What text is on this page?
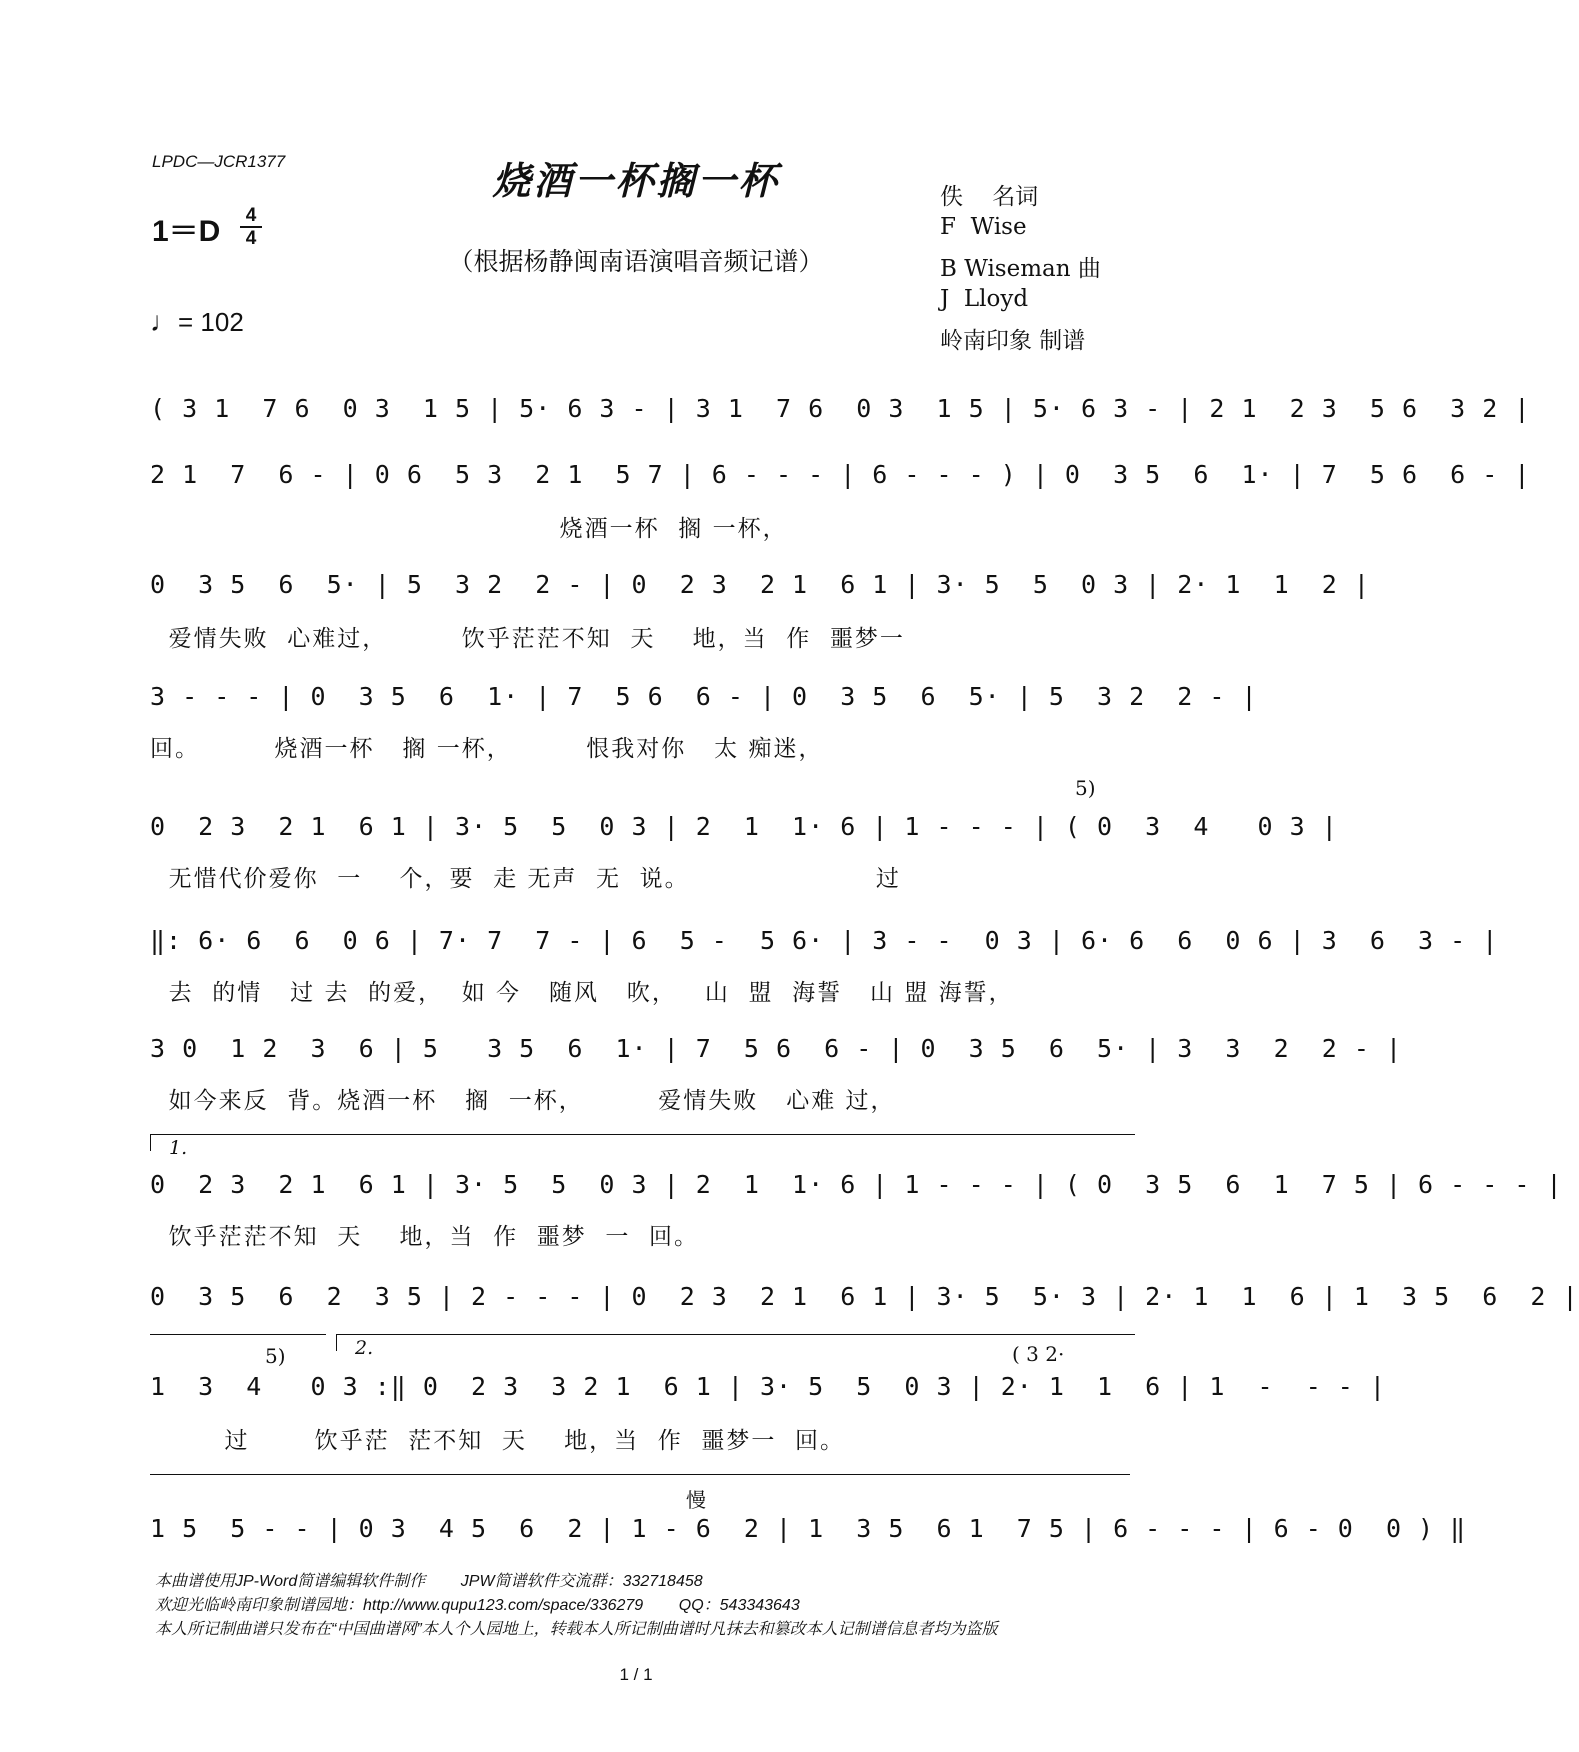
LPDC—JCR1377	烧酒一杯搁一杯
（根据杨静闽南语演唱音频记谱）
1＝D	4
4
♩= 102
佚    名词
F  Wise
B Wiseman 曲
J  Lloyd
岭南印象 制谱
( 3 1  7 6  0 3  1 5 | 5· 6 3 - | 3 1  7 6  0 3  1 5 | 5· 6 3 - | 2 1  2 3  5 6  3 2 |
2 1  7  6 - | 0 6  5 3  2 1  5 7 | 6 - - - | 6 - - - ) | 0  3 5  6  1· | 7  5 6  6 - |
烧酒一杯  搁 一杯，
0  3 5  6  5· | 5  3 2  2 - | 0  2 3  2 1  6 1 | 3· 5  5  0 3 | 2· 1  1  2 |
爱情失败  心难过，        饮乎茫茫不知  天    地，当  作  噩梦一
3 - - - | 0  3 5  6  1· | 7  5 6  6 - | 0  3 5  6  5· | 5  3 2  2 - |
回。        烧酒一杯   搁 一杯，        恨我对你   太 痴迷，
5)
0  2 3  2 1  6 1 | 3· 5  5  0 3 | 2  1  1· 6 | 1 - - - | ( 0  3  4   0 3 |
无惜代价爱你  一    个，要  走 无声  无  说。                    过
‖: 6· 6  6  0 6 | 7· 7  7 - | 6  5 -  5 6· | 3 - -  0 3 | 6· 6  6  0 6 | 3  6  3 - |
去  的情   过 去  的爱，  如 今   随风   吹，   山  盟  海誓   山 盟 海誓，
3 0  1 2  3  6 | 5   3 5  6  1· | 7  5 6  6 - | 0  3 5  6  5· | 3  3  2  2 - |
如今来反  背。烧酒一杯   搁  一杯，        爱情失败   心难 过，
1.
0  2 3  2 1  6 1 | 3· 5  5  0 3 | 2  1  1· 6 | 1 - - - | ( 0  3 5  6  1  7 5 | 6 - - - |
饮乎茫茫不知  天    地，当  作  噩梦  一  回。
0  3 5  6  2  3 5 | 2 - - - | 0  2 3  2 1  6 1 | 3· 5  5· 3 | 2· 1  1  6 | 1  3 5  6  2 |
2.
5)	( 3 2·
1  3  4   0 3 :‖ 0  2 3  3 2 1  6 1 | 3· 5  5  0 3 | 2· 1  1  6 | 1  -  - - |
过       饮乎茫  茫不知  天    地，当  作  噩梦一  回。
慢
1 5  5 - - | 0 3  4 5  6  2 | 1 - 6  2 | 1  3 5  6 1  7 5 | 6 - - - | 6 - 0  0 ) ‖
本曲谱使用JP-Word简谱编辑软件制作        JPW简谱软件交流群：332718458
欢迎光临岭南印象制谱园地：http://www.qupu123.com/space/336279        QQ：543343643
本人所记制曲谱只发布在“中国曲谱网”本人个人园地上，转载本人所记制曲谱时凡抹去和篡改本人记制谱信息者均为盗版
1 / 1
